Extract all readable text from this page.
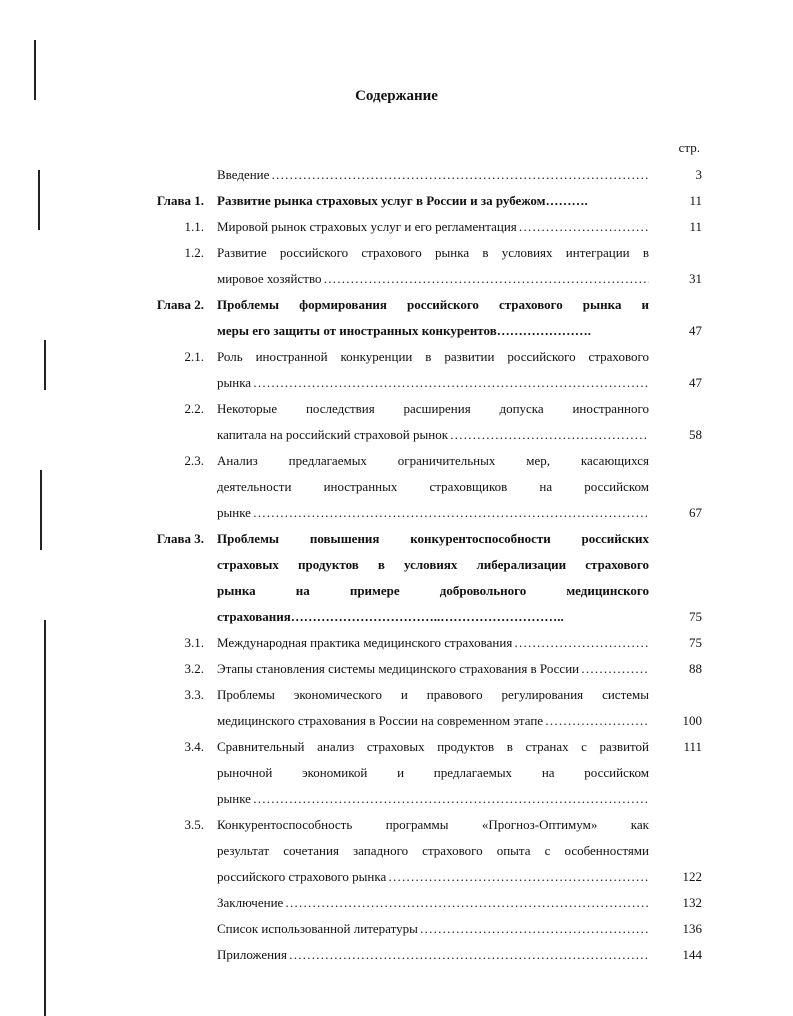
Содержание
стр.
Введение . . .	3
Глава 1. Развитие рынка страховых услуг в России и за рубежом……….	11
1.1. Мировой рынок страховых услуг и его регламентация . . .	11
1.2. Развитие российского страхового рынка в условиях интеграции в
мировое хозяйство . . .	31
Глава 2. Проблемы формирования российского страхового рынка и
меры его защиты от иностранных конкурентов………………….	47
2.1. Роль иностранной конкуренции в развитии российского страхового
рынка . . .	47
2.2. Некоторые последствия расширения допуска иностранного
капитала на российский страховой рынок . . .	58
2.3. Анализ предлагаемых ограничительных мер, касающихся
деятельности иностранных страховщиков на российском
рынке . . .	67
Глава 3. Проблемы повышения конкурентоспособности российских
страховых продуктов в условиях либерализации страхового
рынка на примере добровольного медицинского
страхования……………………………..………………………..	75
3.1. Международная практика медицинского страхования . . .	75
3.2. Этапы становления системы медицинского страхования в России . . .	88
3.3. Проблемы экономического и правового регулирования системы
медицинского страхования в России на современном этапе . . .	100
3.4. Сравнительный анализ страховых продуктов в странах с развитой	111
рыночной экономикой и предлагаемых на российском
рынке . . .
3.5. Конкурентоспособность программы «Прогноз-Оптимум» как
результат сочетания западного страхового опыта с особенностями
российского страхового рынка . . .	122
Заключение . . .	132
Список использованной литературы . . .	136
Приложения . . .	144
